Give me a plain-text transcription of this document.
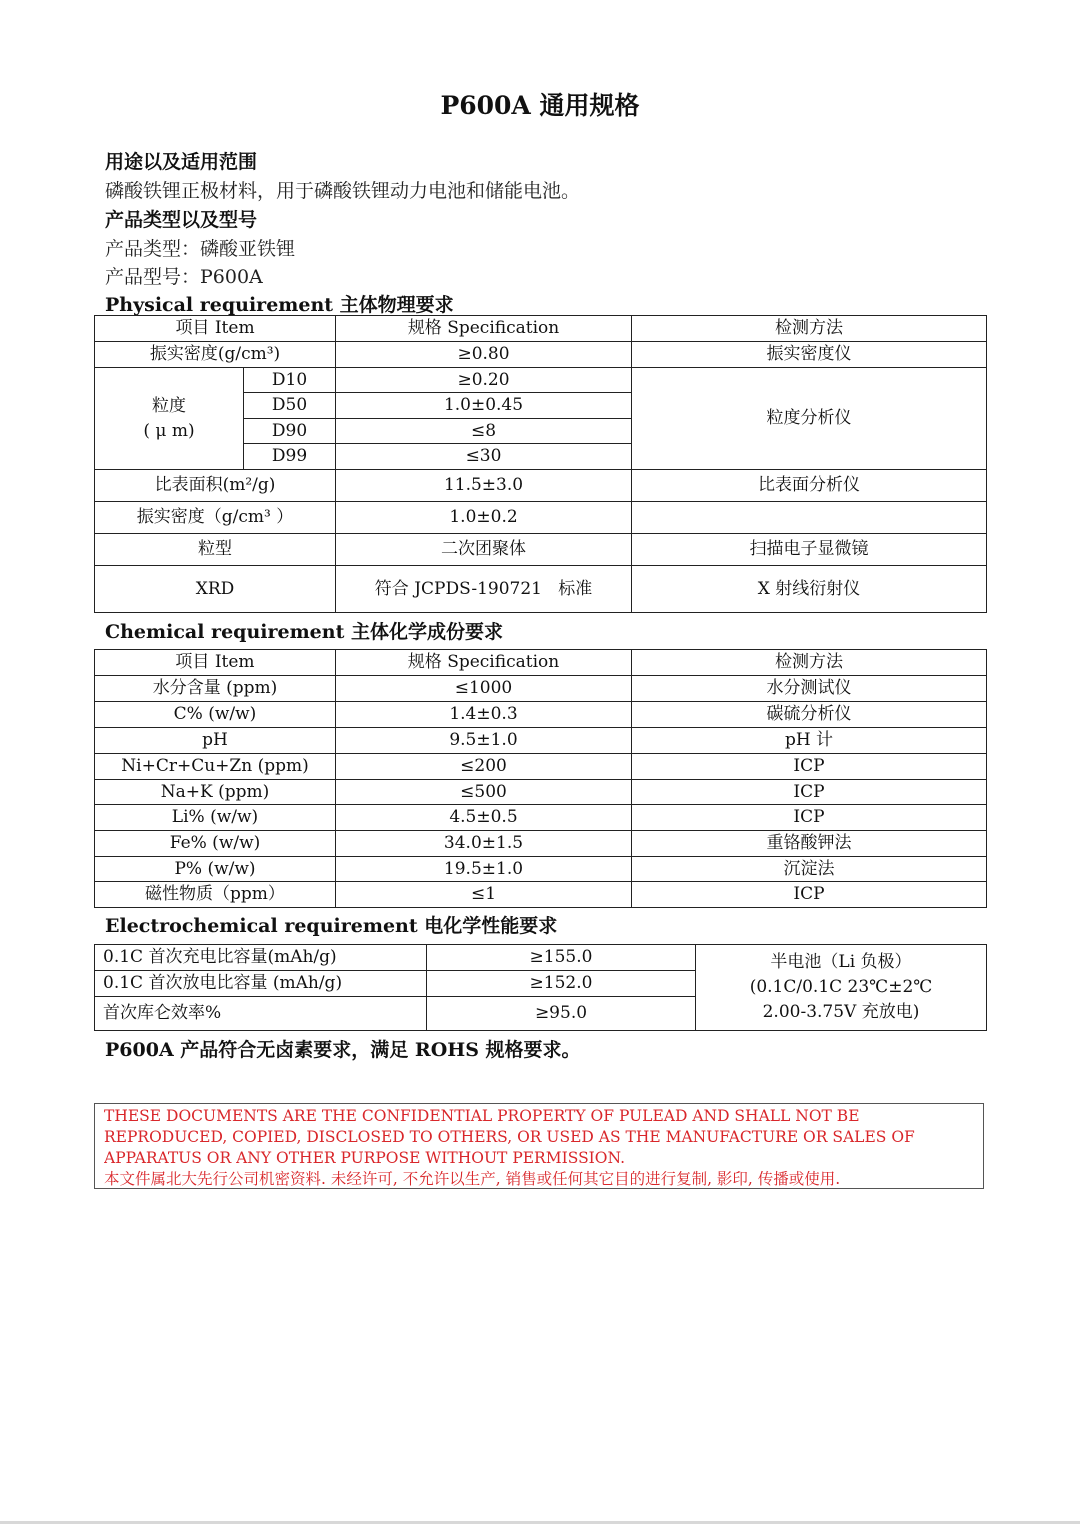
P600A 通用规格
用途以及适用范围
磷酸铁锂正极材料，用于磷酸铁锂动力电池和储能电池。
产品类型以及型号
产品类型：磷酸亚铁锂
产品型号：P600A
Physical requirement 主体物理要求
项目 Item		规格 Specification	检测方法
振实密度(g/cm³)		≥0.80	振实密度仪

粒度
( μ m)	D10	≥0.20	粒度分析仪
	D50	1.0±0.45	
	D90	≤8	
	D99	≤30	
比表面积(m²/g)		11.5±3.0	比表面分析仪
振实密度（g/cm³ ）		1.0±0.2	
粒型		二次团聚体	扫描电子显微镜
XRD		符合 JCPDS-190721   标准	X 射线衍射仪
Chemical requirement 主体化学成份要求
项目 Item	规格 Specification	检测方法
水分含量 (ppm)	≤1000	水分测试仪
C% (w/w)	1.4±0.3	碳硫分析仪
pH	9.5±1.0	pH 计
Ni+Cr+Cu+Zn (ppm)	≤200	ICP
Na+K (ppm)	≤500	ICP
Li% (w/w)	4.5±0.5	ICP
Fe% (w/w)	34.0±1.5	重铬酸钾法
P% (w/w)	19.5±1.0	沉淀法
磁性物质（ppm）	≤1	ICP
Electrochemical requirement 电化学性能要求
0.1C 首次充电比容量(mAh/g)	≥155.0	半电池（Li 负极）
(0.1C/0.1C 23℃±2℃
2.00-3.75V 充放电)

0.1C 首次放电比容量 (mAh/g)	≥152.0	
首次库仑效率%	≥95.0	
P600A 产品符合无卤素要求，满足 ROHS 规格要求。
THESE DOCUMENTS ARE THE CONFIDENTIAL PROPERTY OF PULEAD AND SHALL NOT BE
REPRODUCED, COPIED, DISCLOSED TO OTHERS, OR USED AS THE MANUFACTURE OR SALES OF
APPARATUS OR ANY OTHER PURPOSE WITHOUT PERMISSION.
本文件属北大先行公司机密资料. 未经许可, 不允许以生产, 销售或任何其它目的进行复制, 影印, 传播或使用.
